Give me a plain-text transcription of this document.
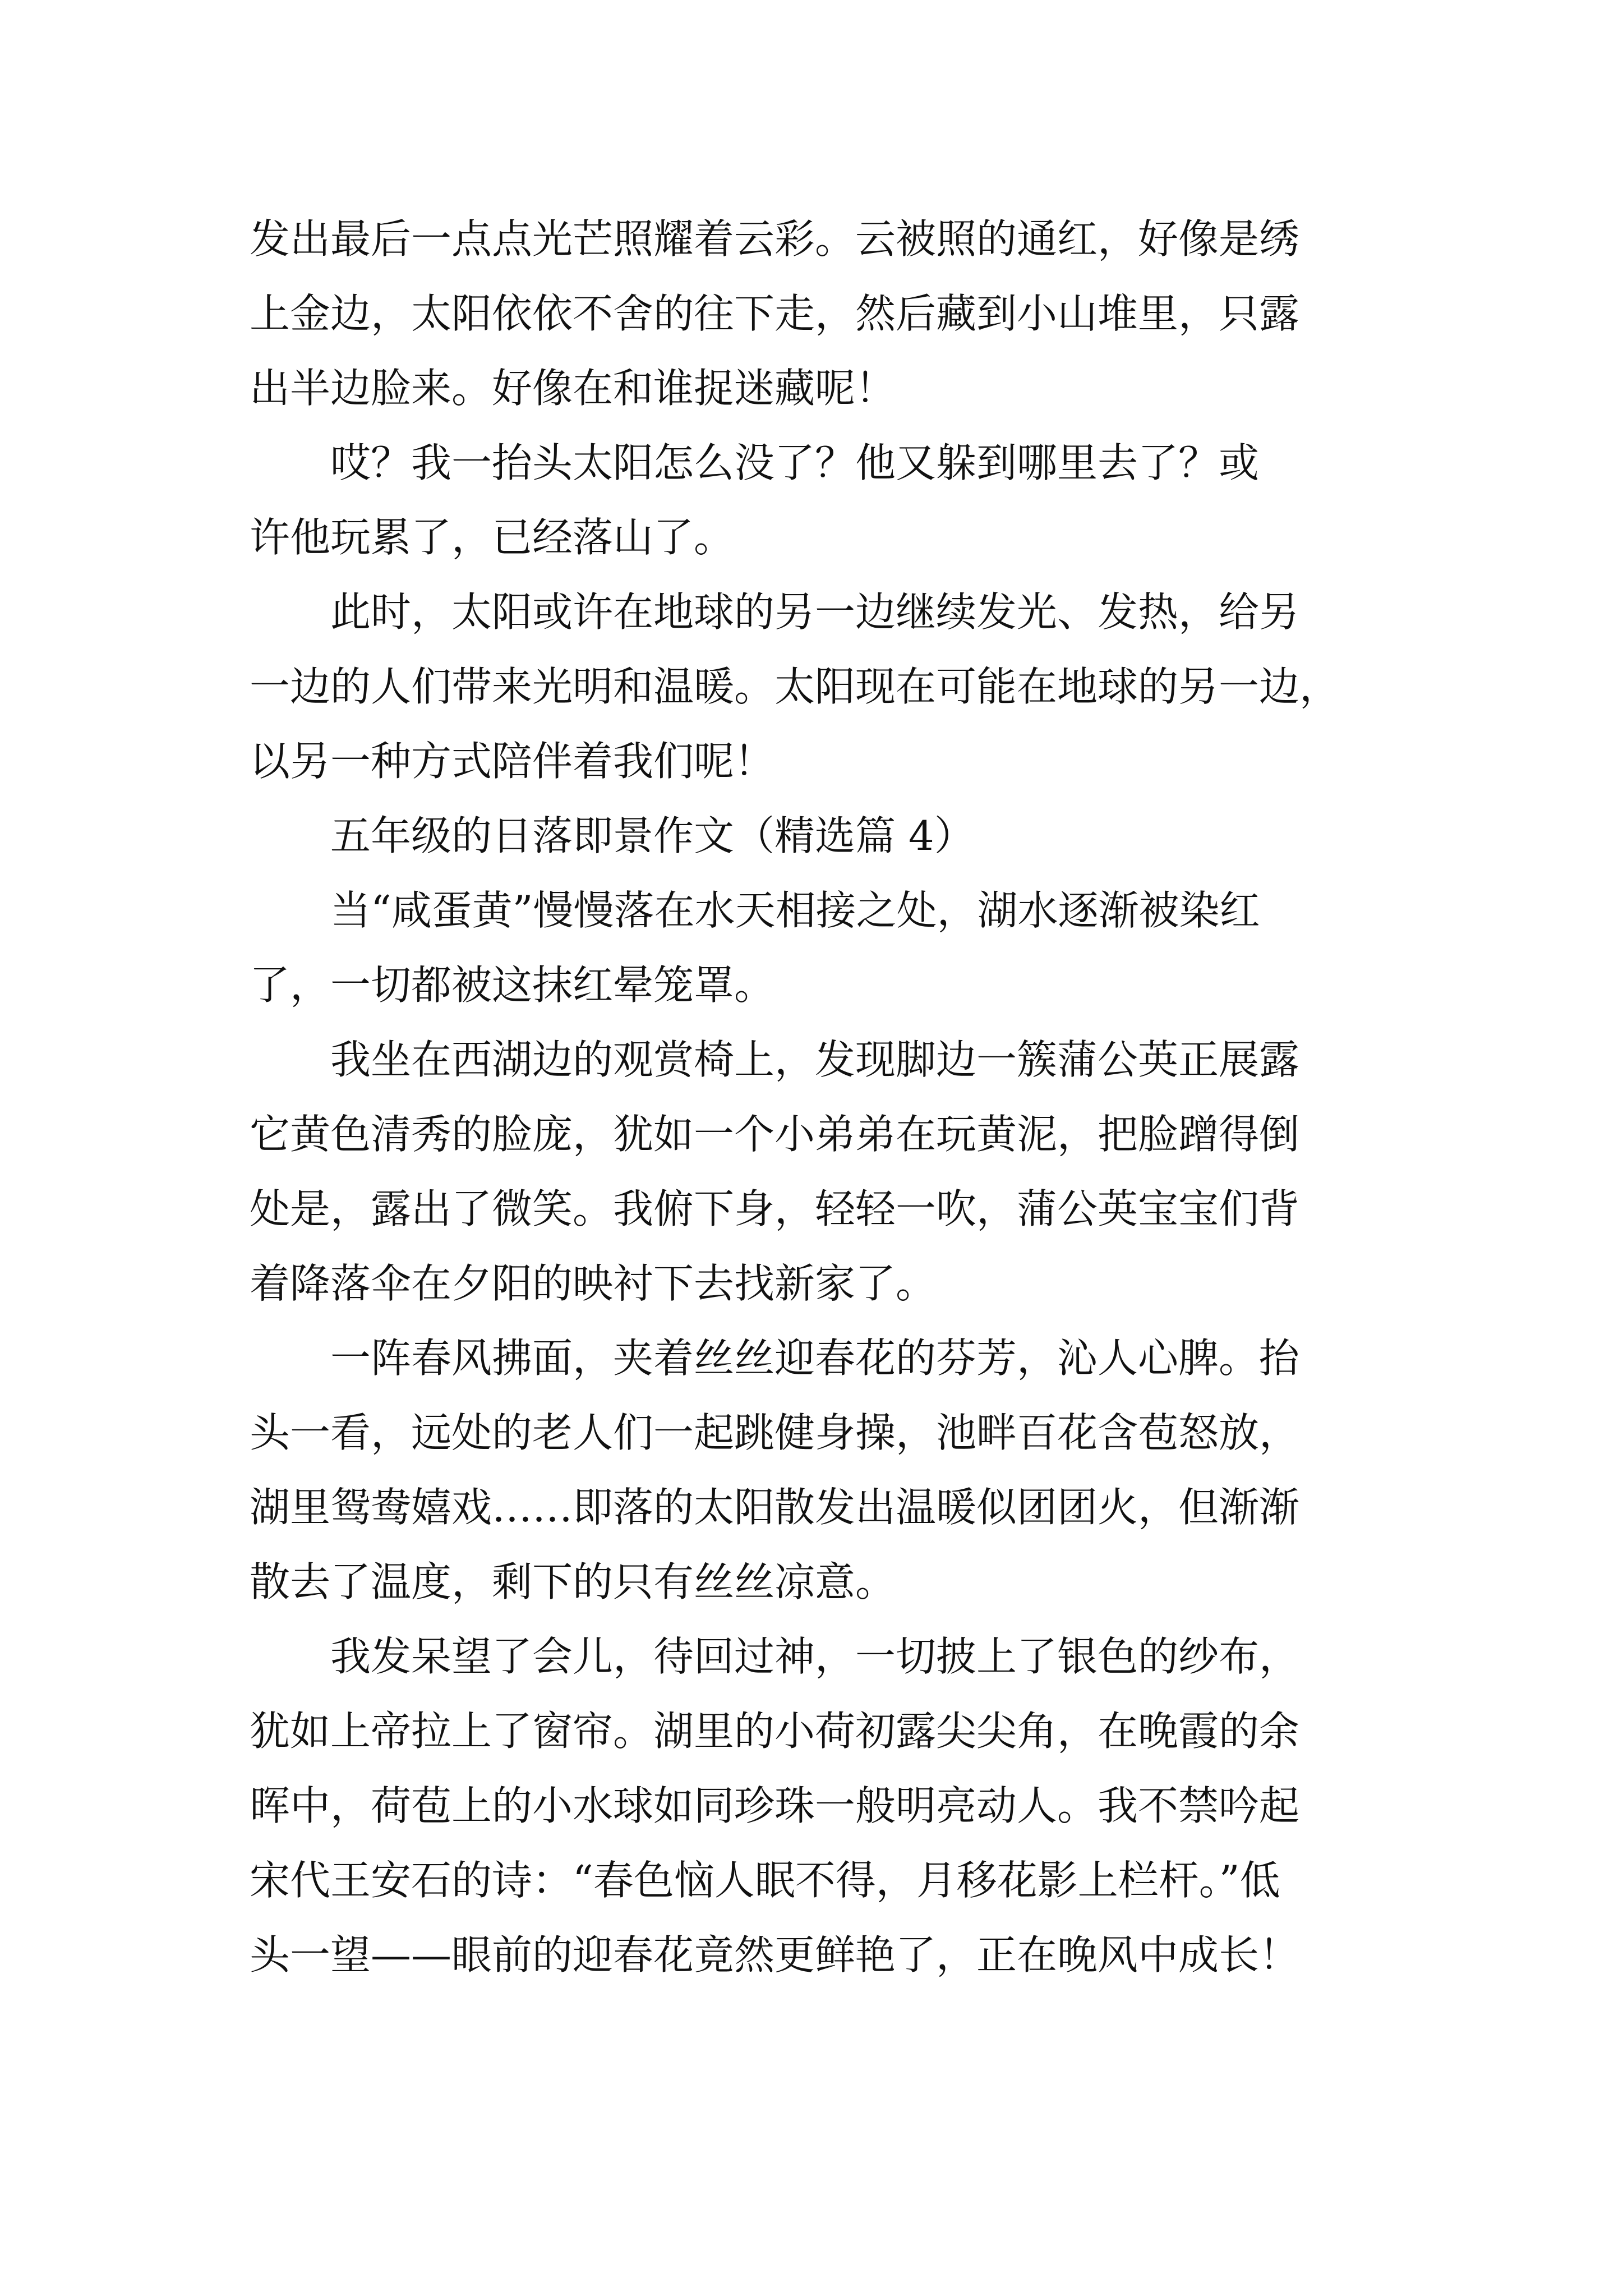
发出最后一点点光芒照耀着云彩。云被照的通红，好像是绣
上金边，太阳依依不舍的往下走，然后藏到小山堆里，只露
出半边脸来。好像在和谁捉迷藏呢！
　　哎？我一抬头太阳怎么没了？他又躲到哪里去了？或
许他玩累了，已经落山了。
　　此时，太阳或许在地球的另一边继续发光、发热，给另
一边的人们带来光明和温暖。太阳现在可能在地球的另一边，
以另一种方式陪伴着我们呢！
　　五年级的日落即景作文（精选篇 4）
　　当“咸蛋黄”慢慢落在水天相接之处，湖水逐渐被染红
了，一切都被这抹红晕笼罩。
　　我坐在西湖边的观赏椅上，发现脚边一簇蒲公英正展露
它黄色清秀的脸庞，犹如一个小弟弟在玩黄泥，把脸蹭得倒
处是，露出了微笑。我俯下身，轻轻一吹，蒲公英宝宝们背
着降落伞在夕阳的映衬下去找新家了。
　　一阵春风拂面，夹着丝丝迎春花的芬芳，沁人心脾。抬
头一看，远处的老人们一起跳健身操，池畔百花含苞怒放，
湖里鸳鸯嬉戏……即落的太阳散发出温暖似团团火，但渐渐
散去了温度，剩下的只有丝丝凉意。
　　我发呆望了会儿，待回过神，一切披上了银色的纱布，
犹如上帝拉上了窗帘。湖里的小荷初露尖尖角，在晚霞的余
晖中，荷苞上的小水球如同珍珠一般明亮动人。我不禁吟起
宋代王安石的诗：“春色恼人眠不得，月移花影上栏杆。”低
头一望——眼前的迎春花竟然更鲜艳了，正在晚风中成长！
